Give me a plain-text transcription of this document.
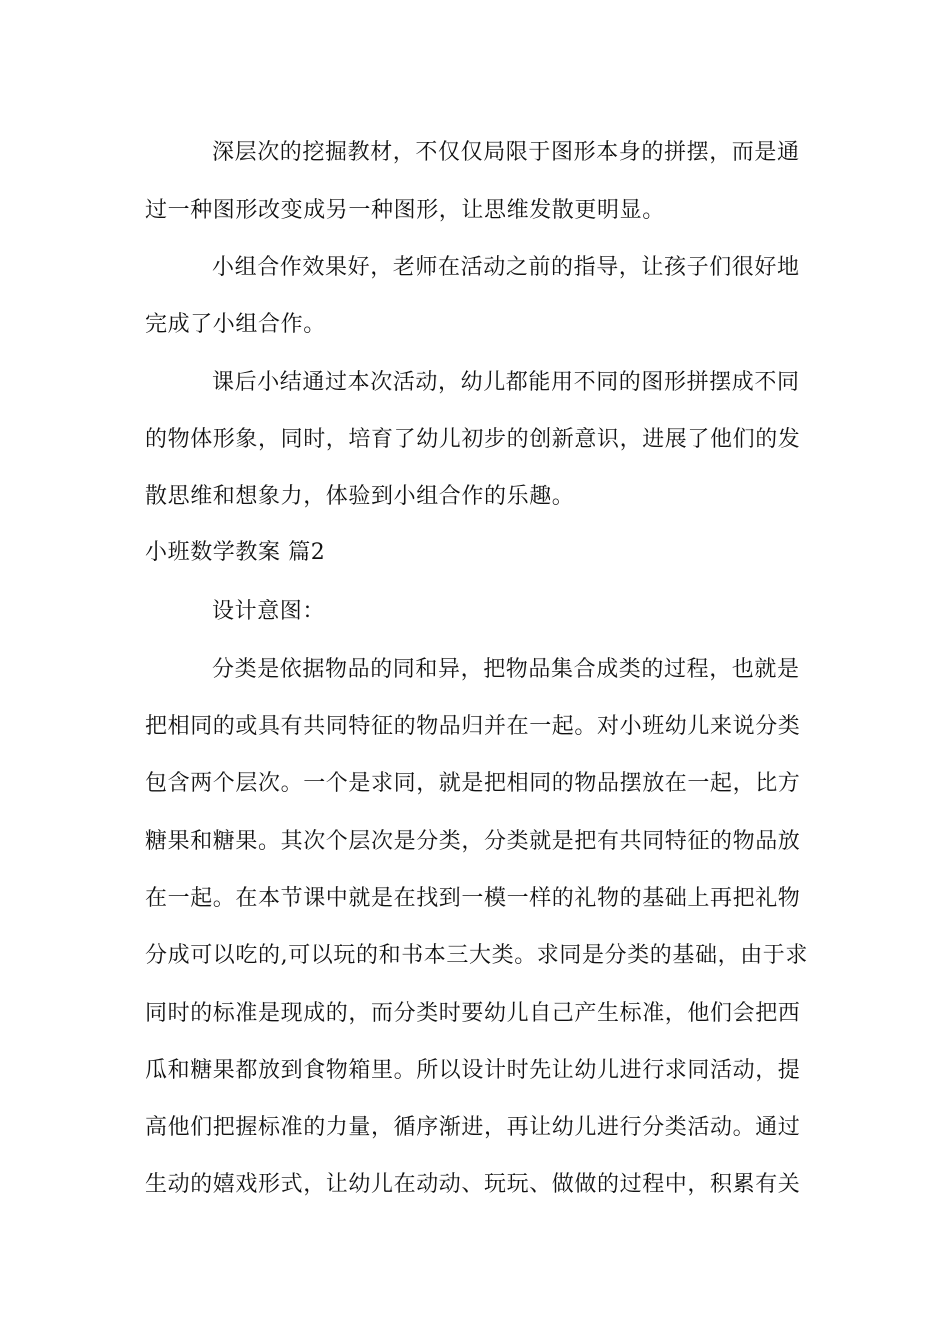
深层次的挖掘教材，不仅仅局限于图形本身的拼摆，而是通
过一种图形改变成另一种图形，让思维发散更明显。
小组合作效果好，老师在活动之前的指导，让孩子们很好地
完成了小组合作。
课后小结通过本次活动，幼儿都能用不同的图形拼摆成不同
的物体形象，同时，培育了幼儿初步的创新意识，进展了他们的发
散思维和想象力，体验到小组合作的乐趣。
小班数学教案 篇2
设计意图：
分类是依据物品的同和异，把物品集合成类的过程，也就是
把相同的或具有共同特征的物品归并在一起。对小班幼儿来说分类
包含两个层次。一个是求同，就是把相同的物品摆放在一起，比方
糖果和糖果。其次个层次是分类，分类就是把有共同特征的物品放
在一起。在本节课中就是在找到一模一样的礼物的基础上再把礼物
分成可以吃的,可以玩的和书本三大类。求同是分类的基础，由于求
同时的标准是现成的，而分类时要幼儿自己产生标准，他们会把西
瓜和糖果都放到食物箱里。所以设计时先让幼儿进行求同活动，提
高他们把握标准的力量，循序渐进，再让幼儿进行分类活动。通过
生动的嬉戏形式，让幼儿在动动、玩玩、做做的过程中，积累有关
